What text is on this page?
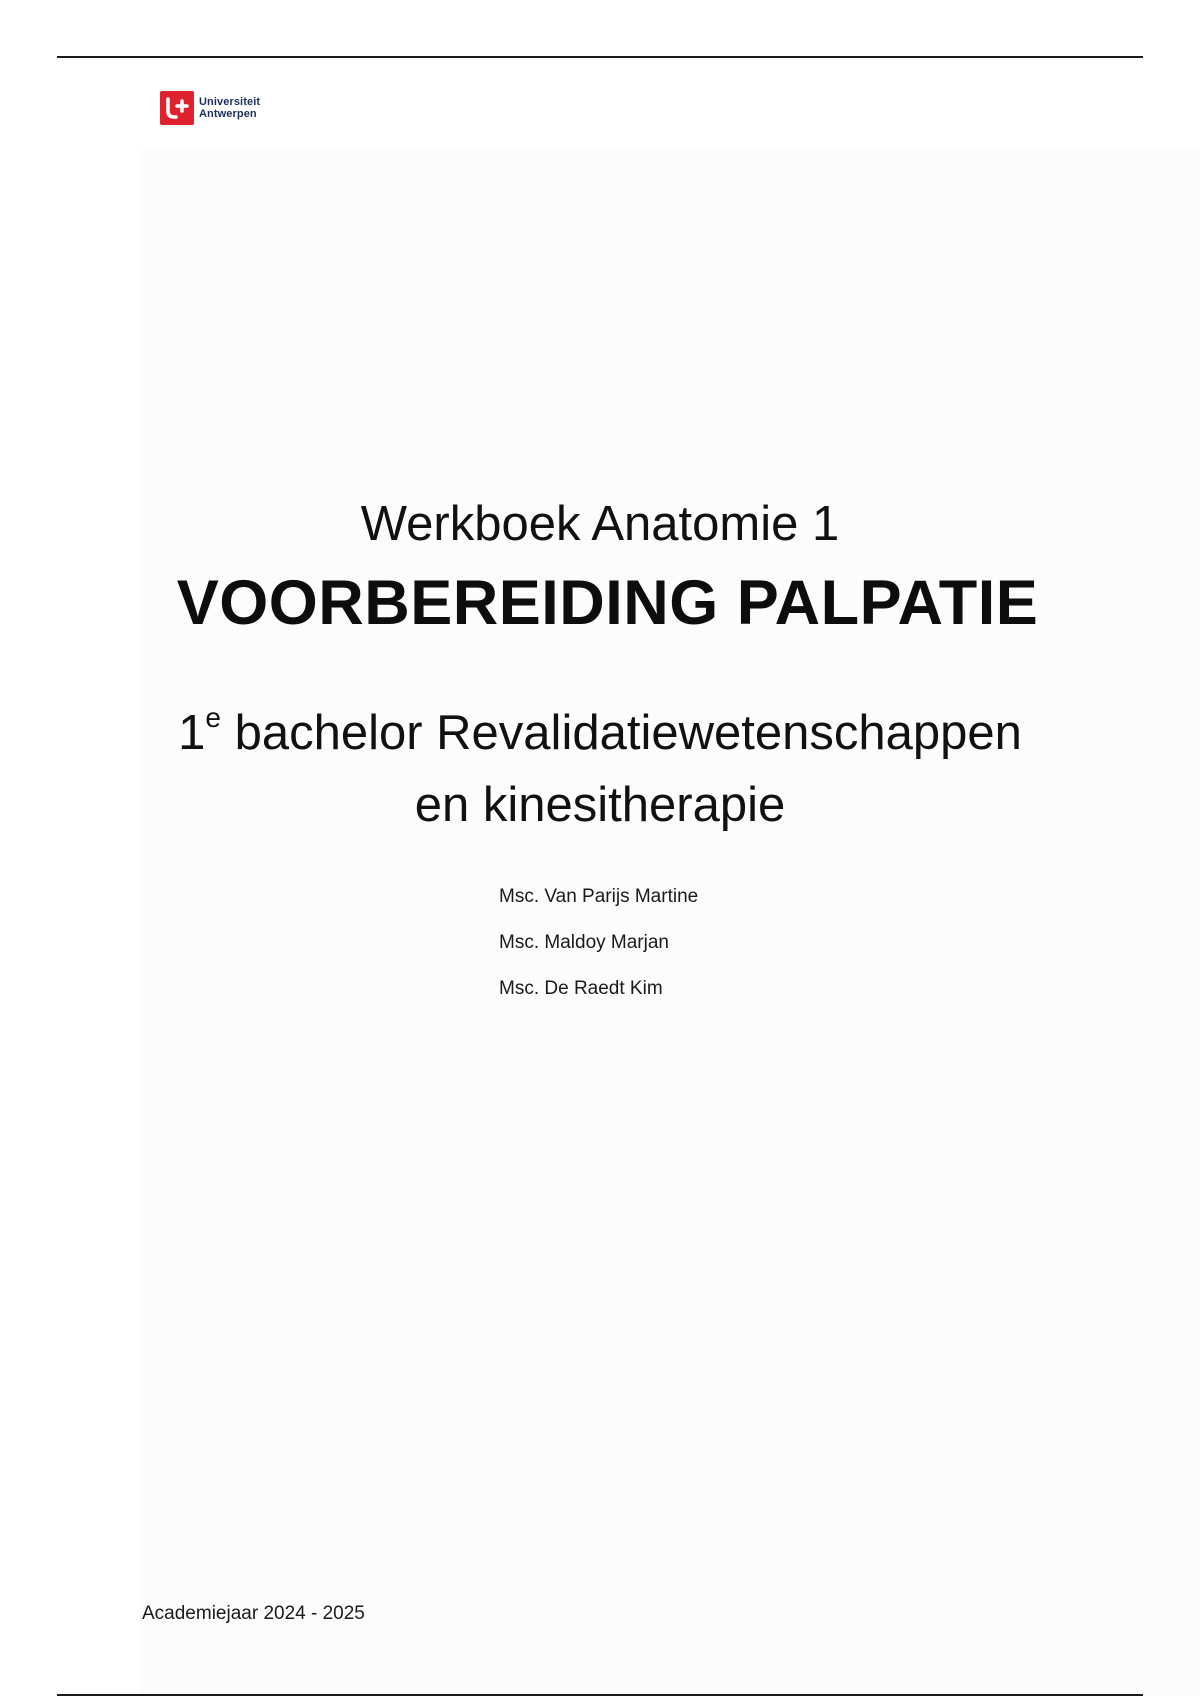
Universiteit
Antwerpen
Werkboek Anatomie 1
VOORBEREIDING PALPATIE
1e bachelor Revalidatiewetenschappen
en kinesitherapie
Msc. Van Parijs Martine
Msc. Maldoy Marjan
Msc. De Raedt Kim
Academiejaar 2024 - 2025
